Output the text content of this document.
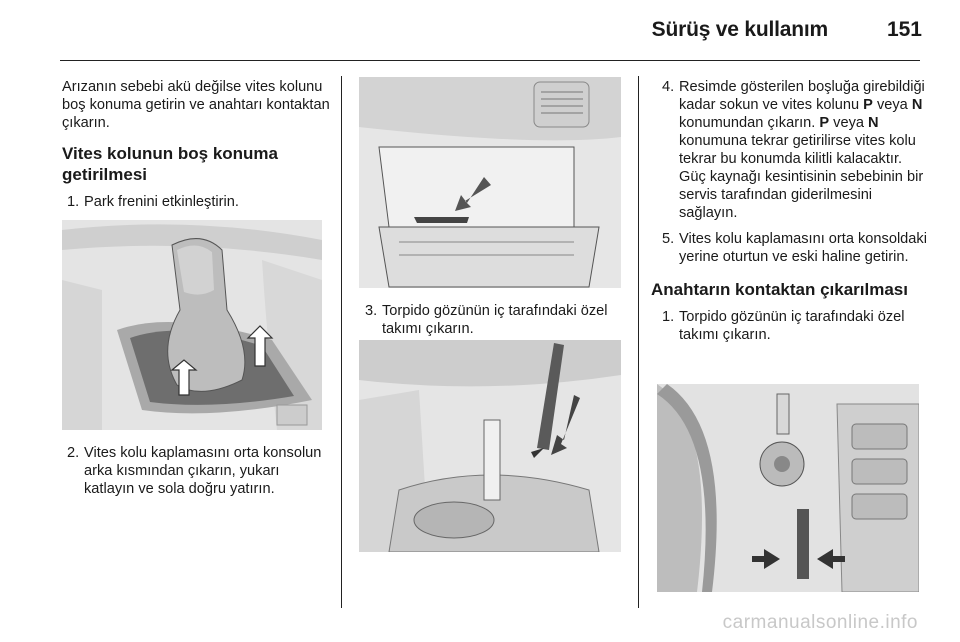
Sürüş ve kullanım	151

Arızanın sebebi akü değilse vites kolunu boş konuma getirin ve anahtarı kontaktan çıkarın.

Vites kolunun boş konuma getirilmesi

1. Park frenini etkinleştirin.

2. Vites kolu kaplamasını orta konsolun arka kısmından çıkarın, yukarı katlayın ve sola doğru yatırın.

3. Torpido gözünün iç tarafındaki özel takımı çıkarın.

4. Resimde gösterilen boşluğa girebildiği kadar sokun ve vites kolunu P veya N konumundan çıkarın. P veya N konumuna tekrar getirilirse vites kolu tekrar bu konumda kilitli kalacaktır. Güç kaynağı kesintisinin sebebinin bir servis tarafından giderilmesini sağlayın.

5. Vites kolu kaplamasını orta konsoldaki yerine oturtun ve eski haline getirin.

Anahtarın kontaktan çıkarılması

1. Torpido gözünün iç tarafındaki özel takımı çıkarın.

carmanualsonline.info
